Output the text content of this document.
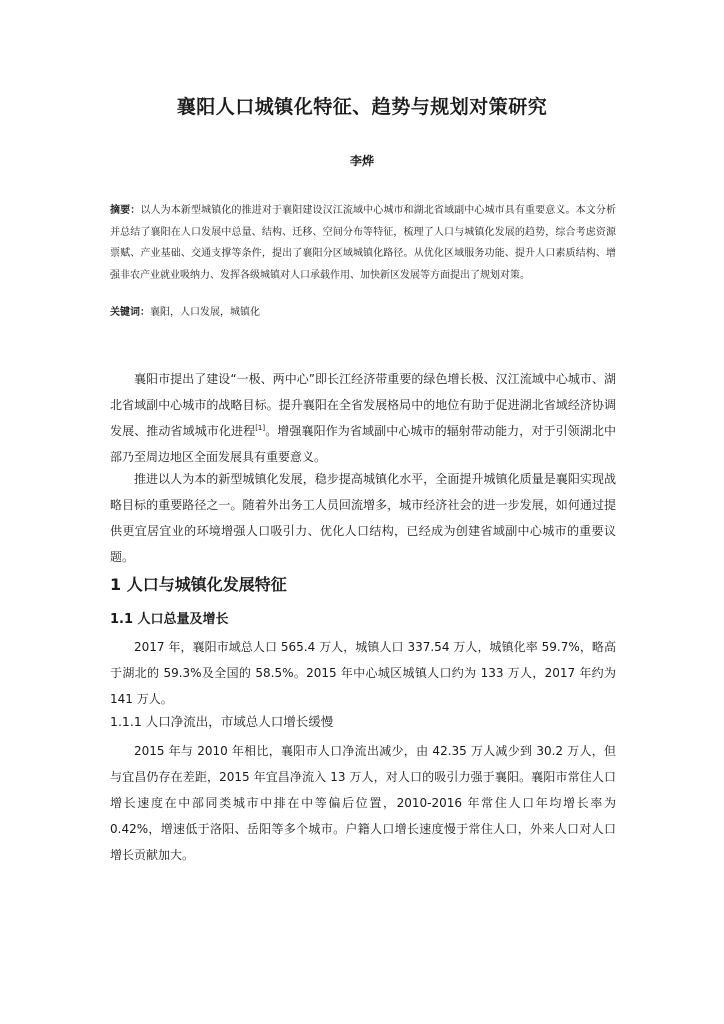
襄阳人口城镇化特征、趋势与规划对策研究
李烨
摘要：以人为本新型城镇化的推进对于襄阳建设汉江流域中心城市和湖北省域副中心城市具有重要意义。本文分析并总结了襄阳在人口发展中总量、结构、迁移、空间分布等特征，梳理了人口与城镇化发展的趋势，综合考虑资源票赋、产业基础、交通支撑等条件，提出了襄阳分区域城镇化路径。从优化区域服务功能、提升人口素质结构、增强非农产业就业吸纳力、发挥各级城镇对人口承载作用、加快新区发展等方面提出了规划对策。
关键词：襄阳，人口发展，城镇化
襄阳市提出了建设“一极、两中心”即长江经济带重要的绿色增长极、汉江流域中心城市、湖北省域副中心城市的战略目标。提升襄阳在全省发展格局中的地位有助于促进湖北省域经济协调发展、推动省域城市化进程[1]。增强襄阳作为省域副中心城市的辐射带动能力，对于引领湖北中部乃至周边地区全面发展具有重要意义。
推进以人为本的新型城镇化发展，稳步提高城镇化水平，全面提升城镇化质量是襄阳实现战略目标的重要路径之一。随着外出务工人员回流增多，城市经济社会的进一步发展，如何通过提供更宜居宜业的环境增强人口吸引力、优化人口结构，已经成为创建省域副中心城市的重要议题。
1 人口与城镇化发展特征
1.1 人口总量及增长
2017 年，襄阳市域总人口 565.4 万人，城镇人口 337.54 万人，城镇化率 59.7%，略高于湖北的 59.3%及全国的 58.5%。2015 年中心城区城镇人口约为 133 万人，2017 年约为 141 万人。
1.1.1 人口净流出，市域总人口增长缓慢
2015 年与 2010 年相比，襄阳市人口净流出减少，由 42.35 万人减少到 30.2 万人，但与宜昌仍存在差距，2015 年宜昌净流入 13 万人，对人口的吸引力强于襄阳。襄阳市常住人口增长速度在中部同类城市中排在中等偏后位置，2010-2016 年常住人口年均增长率为 0.42%，增速低于洛阳、岳阳等多个城市。户籍人口增长速度慢于常住人口，外来人口对人口增长贡献加大。
